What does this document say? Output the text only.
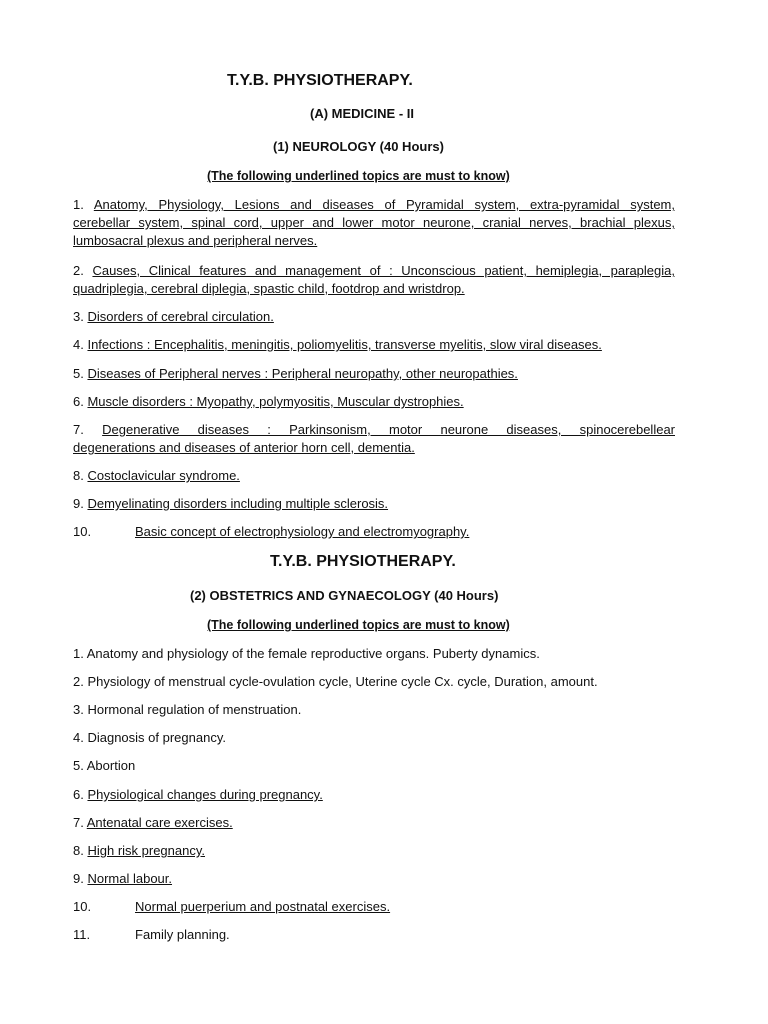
T.Y.B. PHYSIOTHERAPY.
(A) MEDICINE - II
(1) NEUROLOGY (40 Hours)
(The following underlined topics are must to know)
1. Anatomy, Physiology, Lesions and diseases of Pyramidal system, extra-pyramidal system,
cerebellar system, spinal cord, upper and lower motor neurone, cranial nerves, brachial plexus,
lumbosacral plexus and peripheral nerves.
2. Causes, Clinical features and management of : Unconscious patient, hemiplegia, paraplegia,
quadriplegia, cerebral diplegia, spastic child, footdrop and wristdrop.
3. Disorders of cerebral circulation.
4. Infections : Encephalitis, meningitis, poliomyelitis, transverse myelitis, slow viral diseases.
5. Diseases of Peripheral nerves : Peripheral neuropathy, other neuropathies.
6. Muscle disorders : Myopathy, polymyositis, Muscular dystrophies.
7. Degenerative diseases : Parkinsonism, motor neurone diseases, spinocerebellear
degenerations and diseases of anterior horn cell, dementia.
8. Costoclavicular syndrome.
9. Demyelinating disorders including multiple sclerosis.
10.	Basic concept of electrophysiology and electromyography.
T.Y.B. PHYSIOTHERAPY.
(2) OBSTETRICS AND GYNAECOLOGY (40 Hours)
(The following underlined topics are must to know)
1. Anatomy and physiology of the female reproductive organs. Puberty dynamics.
2. Physiology of menstrual cycle-ovulation cycle, Uterine cycle Cx. cycle, Duration, amount.
3. Hormonal regulation of menstruation.
4. Diagnosis of pregnancy.
5. Abortion
6. Physiological changes during pregnancy.
7. Antenatal care exercises.
8. High risk pregnancy.
9. Normal labour.
10.	Normal puerperium and postnatal exercises.
11.	Family planning.
